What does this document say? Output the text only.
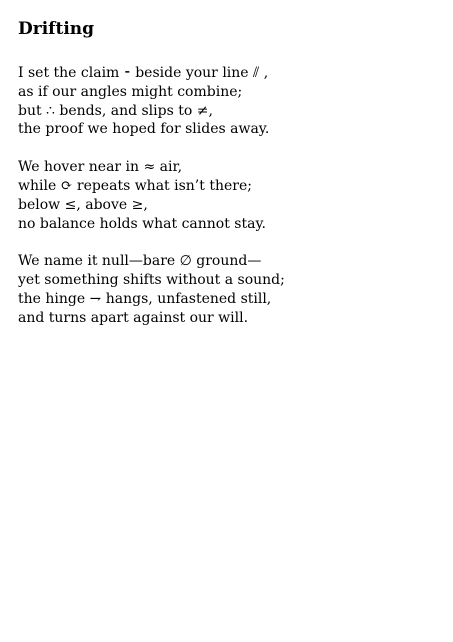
Drifting
I set the claim ⁃ beside your line ⫽ ,
as if our angles might combine;
but ∴ bends, and slips to ≠,
the proof we hoped for slides away.
We hover near in ≈ air,
while ⟳ repeats what isn’t there;
below ≤, above ≥,
no balance holds what cannot stay.
We name it null—bare ∅ ground—
yet something shifts without a sound;
the hinge ⇁ hangs, unfastened still,
and turns apart against our will.
